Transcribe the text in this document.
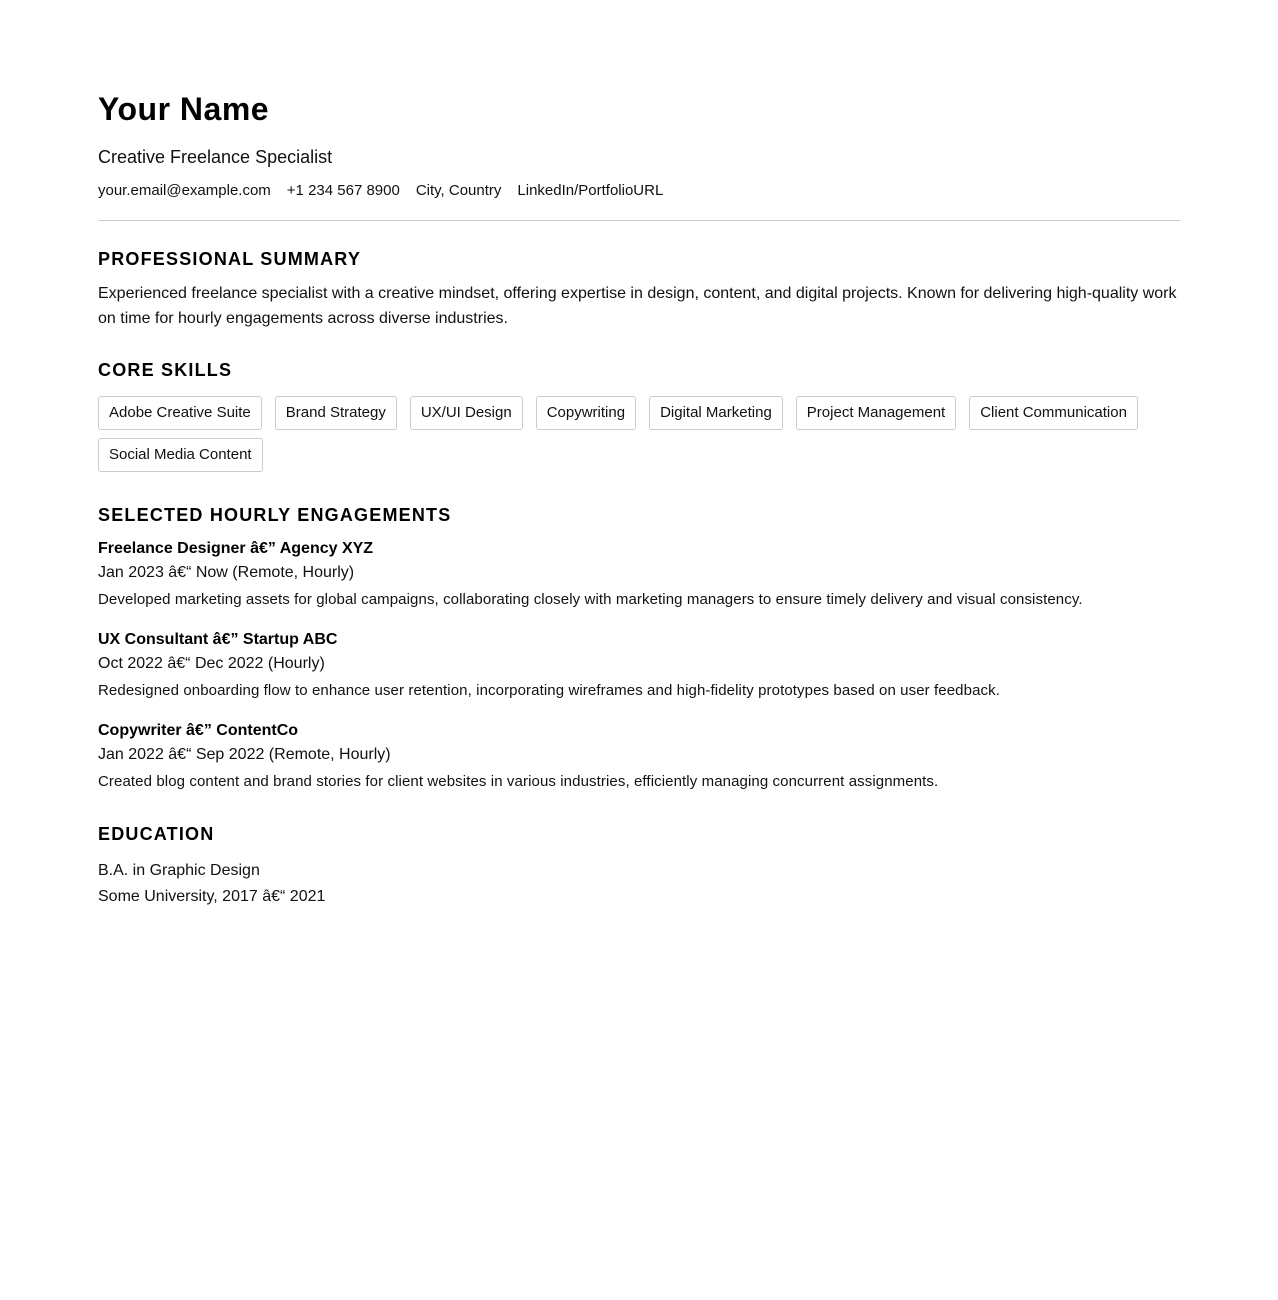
Your Name
Creative Freelance Specialist
your.email@example.com +1 234 567 8900 City, Country LinkedIn/PortfolioURL
PROFESSIONAL SUMMARY

Experienced freelance specialist with a creative mindset, offering expertise in design, content, and digital projects. Known for delivering high-quality work on time for hourly engagements across diverse industries.

CORE SKILLS
Adobe Creative Suite	Brand Strategy	UX/UI Design	Copywriting	Digital Marketing	Project Management	Client Communication
Social Media Content
SELECTED HOURLY ENGAGEMENTS
Freelance Designer â€” Agency XYZ
Jan 2023 â€“ Now (Remote, Hourly)
Developed marketing assets for global campaigns, collaborating closely with marketing managers to ensure timely delivery and visual consistency.
UX Consultant â€” Startup ABC
Oct 2022 â€“ Dec 2022 (Hourly)
Redesigned onboarding flow to enhance user retention, incorporating wireframes and high-fidelity prototypes based on user feedback.
Copywriter â€” ContentCo
Jan 2022 â€“ Sep 2022 (Remote, Hourly)
Created blog content and brand stories for client websites in various industries, efficiently managing concurrent assignments.
EDUCATION
B.A. in Graphic Design
Some University, 2017 â€“ 2021
